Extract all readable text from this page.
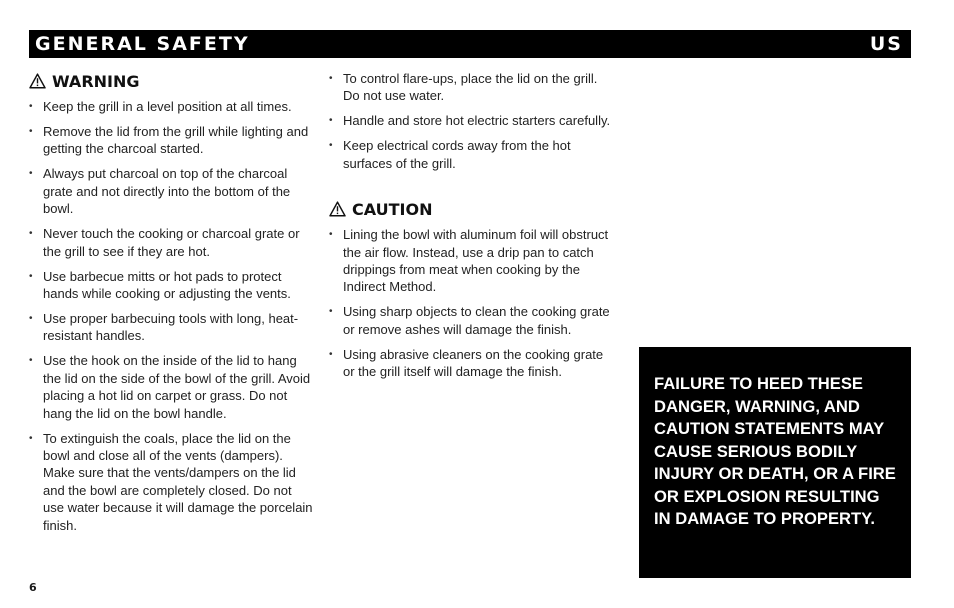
GENERAL SAFETY	US
WARNING
• Keep the grill in a level position at all times.
• Remove the lid from the grill while lighting and getting the charcoal started.
• Always put charcoal on top of the charcoal grate and not directly into the bottom of the bowl.
• Never touch the cooking or charcoal grate or the grill to see if they are hot.
• Use barbecue mitts or hot pads to protect hands while cooking or adjusting the vents.
• Use proper barbecuing tools with long, heat-resistant handles.
• Use the hook on the inside of the lid to hang the lid on the side of the bowl of the grill. Avoid placing a hot lid on carpet or grass. Do not hang the lid on the bowl handle.
• To extinguish the coals, place the lid on the bowl and close all of the vents (dampers). Make sure that the vents/dampers on the lid and the bowl are completely closed. Do not use water because it will damage the porcelain finish.
• To control flare-ups, place the lid on the grill. Do not use water.
• Handle and store hot electric starters carefully.
• Keep electrical cords away from the hot surfaces of the grill.
CAUTION
• Lining the bowl with aluminum foil will obstruct the air flow. Instead, use a drip pan to catch drippings from meat when cooking by the Indirect Method.
• Using sharp objects to clean the cooking grate or remove ashes will damage the finish.
• Using abrasive cleaners on the cooking grate or the grill itself will damage the finish.

FAILURE TO HEED THESE DANGER, WARNING, AND CAUTION STATEMENTS MAY CAUSE SERIOUS BODILY INJURY OR DEATH, OR A FIRE OR EXPLOSION RESULTING IN DAMAGE TO PROPERTY.

6
